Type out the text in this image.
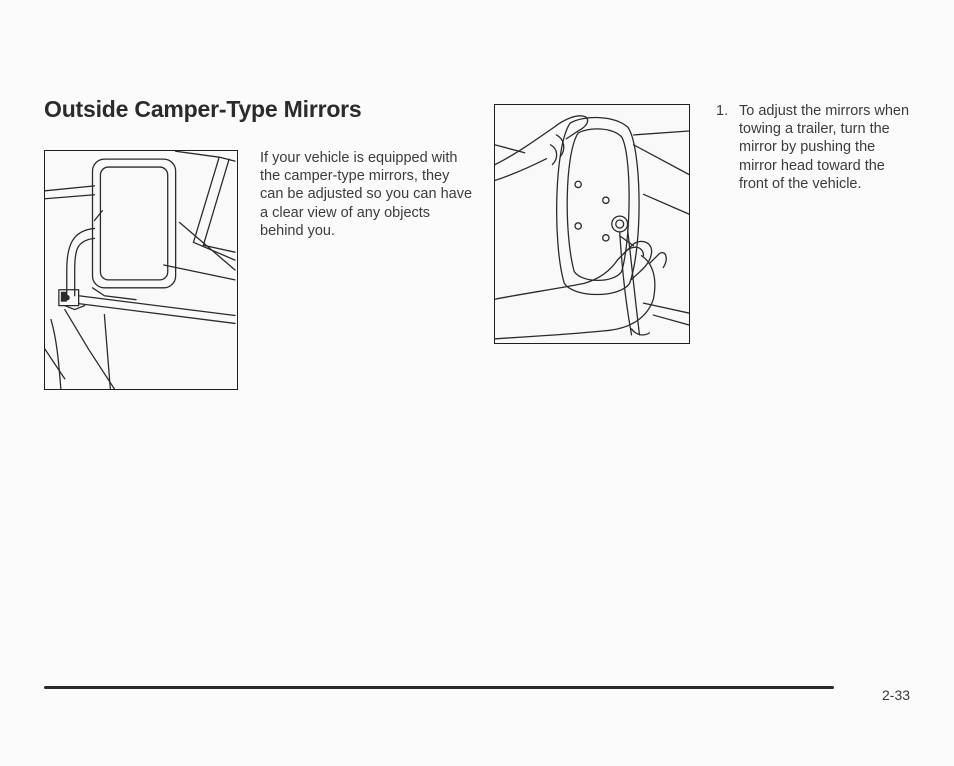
Outside Camper-Type Mirrors
If your vehicle is equipped with the camper-type mirrors, they can be adjusted so you can have a clear view of any objects behind you.
1. To adjust the mirrors when towing a trailer, turn the mirror by pushing the mirror head toward the front of the vehicle.
2-33
